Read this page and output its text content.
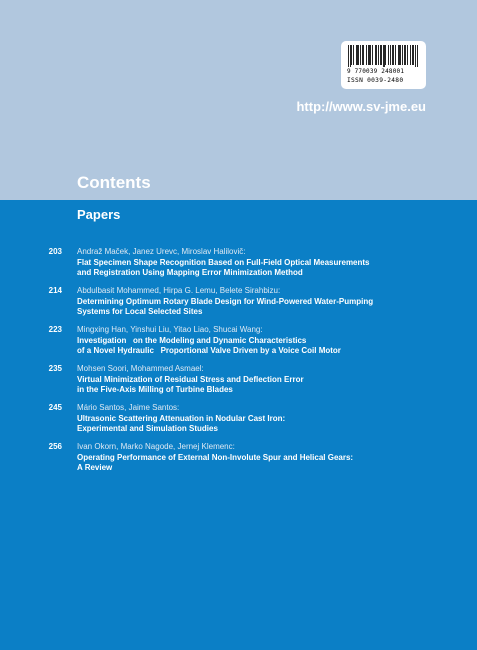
9 770039 248001
ISSN 0039-2480
http://www.sv-jme.eu
Contents
Papers
203 Andraž Maček, Janez Urevc, Miroslav Halilovič:
Flat Specimen Shape Recognition Based on Full-Field Optical Measurements
and Registration Using Mapping Error Minimization Method
214 Abdulbasit Mohammed, Hirpa G. Lemu, Belete Sirahbizu:
Determining Optimum Rotary Blade Design for Wind-Powered Water-Pumping
Systems for Local Selected Sites
223 Mingxing Han, Yinshui Liu, Yitao Liao, Shucai Wang:
Investigation   on the Modeling and Dynamic Characteristics
of a Novel Hydraulic   Proportional Valve Driven by a Voice Coil Motor
235 Mohsen Soori, Mohammed Asmael:
Virtual Minimization of Residual Stress and Deflection Error
in the Five-Axis Milling of Turbine Blades
245 Mário Santos, Jaime Santos:
Ultrasonic Scattering Attenuation in Nodular Cast Iron:
Experimental and Simulation Studies
256 Ivan Okorn, Marko Nagode, Jernej Klemenc:
Operating Performance of External Non-Involute Spur and Helical Gears:
A Review
